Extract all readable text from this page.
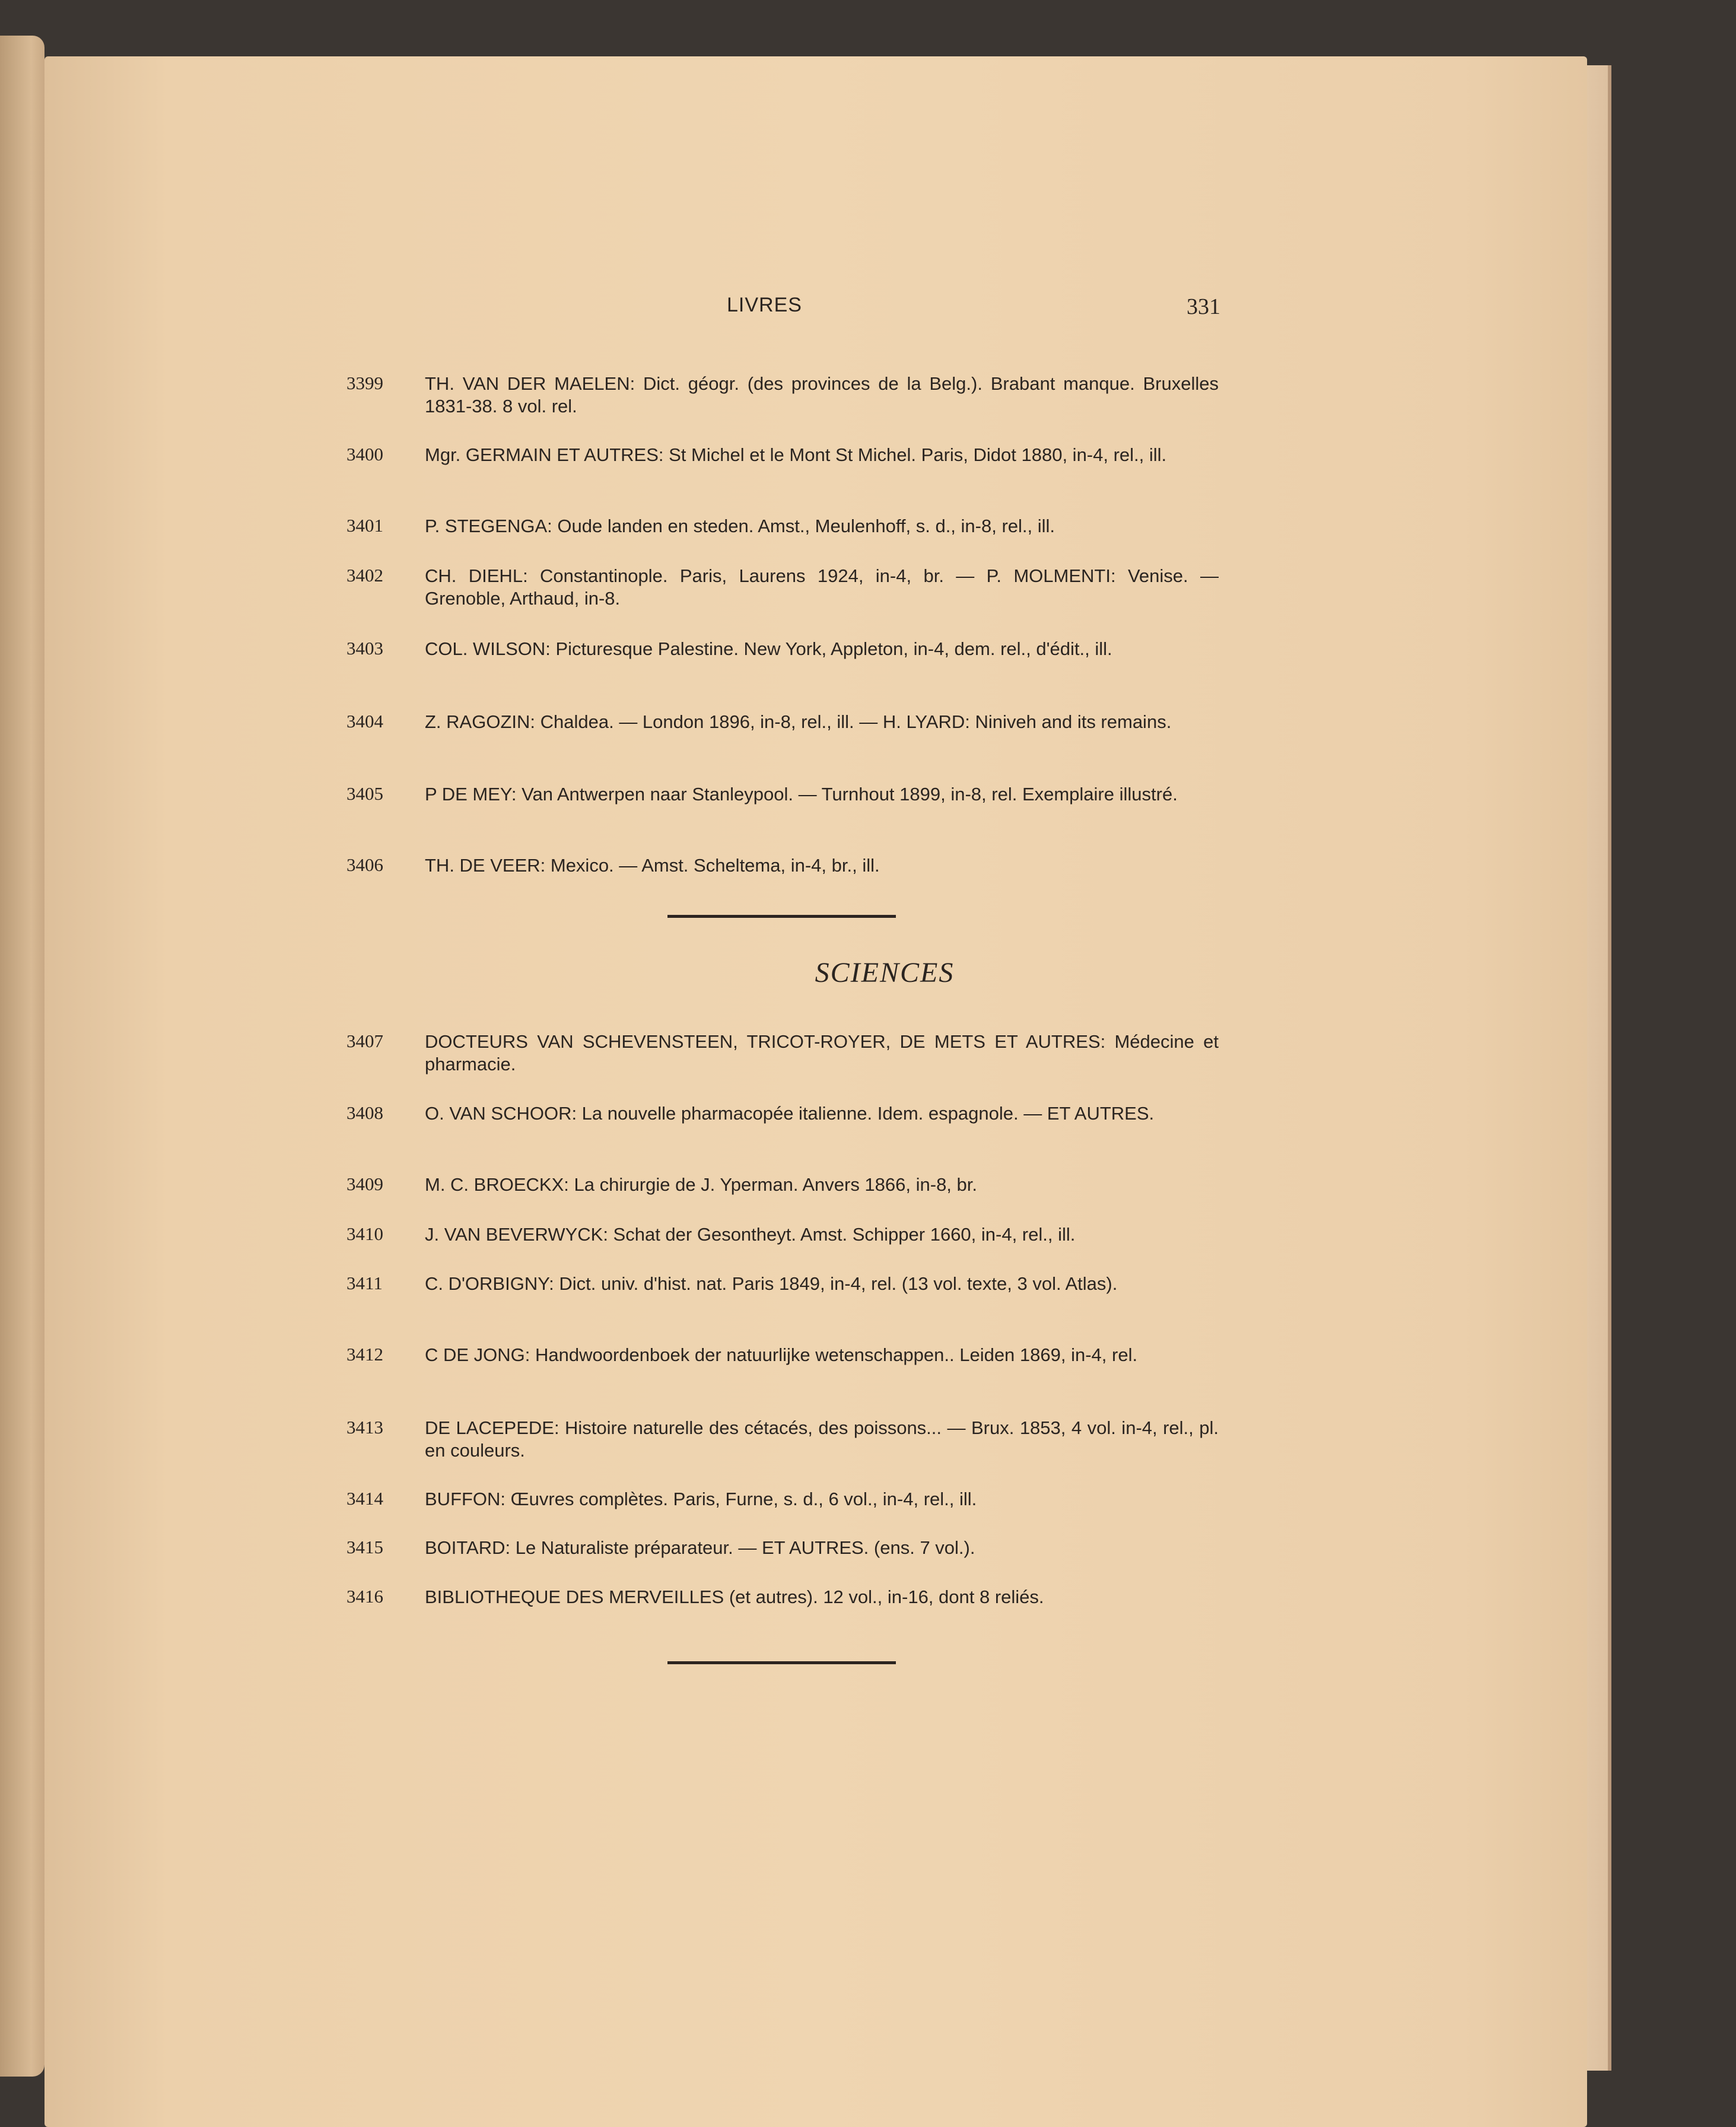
LIVRES	331
3399 TH. VAN DER MAELEN: Dict. géogr. (des provinces de la Belg.). Brabant manque. Bruxelles 1831-38. 8 vol. rel.
3400 Mgr. GERMAIN ET AUTRES: St Michel et le Mont St Michel. Paris, Didot 1880, in-4, rel., ill.
3401 P. STEGENGA: Oude landen en steden. Amst., Meulenhoff, s. d., in-8, rel., ill.
3402 CH. DIEHL: Constantinople. Paris, Laurens 1924, in-4, br. — P. MOLMENTI: Venise. — Grenoble, Arthaud, in-8.
3403 COL. WILSON: Picturesque Palestine. New York, Appleton, in-4, dem. rel., d'édit., ill.
3404 Z. RAGOZIN: Chaldea. — London 1896, in-8, rel., ill. — H. LYARD: Niniveh and its remains.
3405 P DE MEY: Van Antwerpen naar Stanleypool. — Turnhout 1899, in-8, rel. Exemplaire illustré.
3406 TH. DE VEER: Mexico. — Amst. Scheltema, in-4, br., ill.
SCIENCES
3407 DOCTEURS VAN SCHEVENSTEEN, TRICOT-ROYER, DE METS ET AUTRES: Médecine et pharmacie.
3408 O. VAN SCHOOR: La nouvelle pharmacopée italienne. Idem. espagnole. — ET AUTRES.
3409 M. C. BROECKX: La chirurgie de J. Yperman. Anvers 1866, in-8, br.
3410 J. VAN BEVERWYCK: Schat der Gesontheyt. Amst. Schipper 1660, in-4, rel., ill.
3411 C. D'ORBIGNY: Dict. univ. d'hist. nat. Paris 1849, in-4, rel. (13 vol. texte, 3 vol. Atlas).
3412 C DE JONG: Handwoordenboek der natuurlijke wetenschappen.. Leiden 1869, in-4, rel.
3413 DE LACEPEDE: Histoire naturelle des cétacés, des poissons... — Brux. 1853, 4 vol. in-4, rel., pl. en couleurs.
3414 BUFFON: Œuvres complètes. Paris, Furne, s. d., 6 vol., in-4, rel., ill.
3415 BOITARD: Le Naturaliste préparateur. — ET AUTRES. (ens. 7 vol.).
3416 BIBLIOTHEQUE DES MERVEILLES (et autres). 12 vol., in-16, dont 8 reliés.
